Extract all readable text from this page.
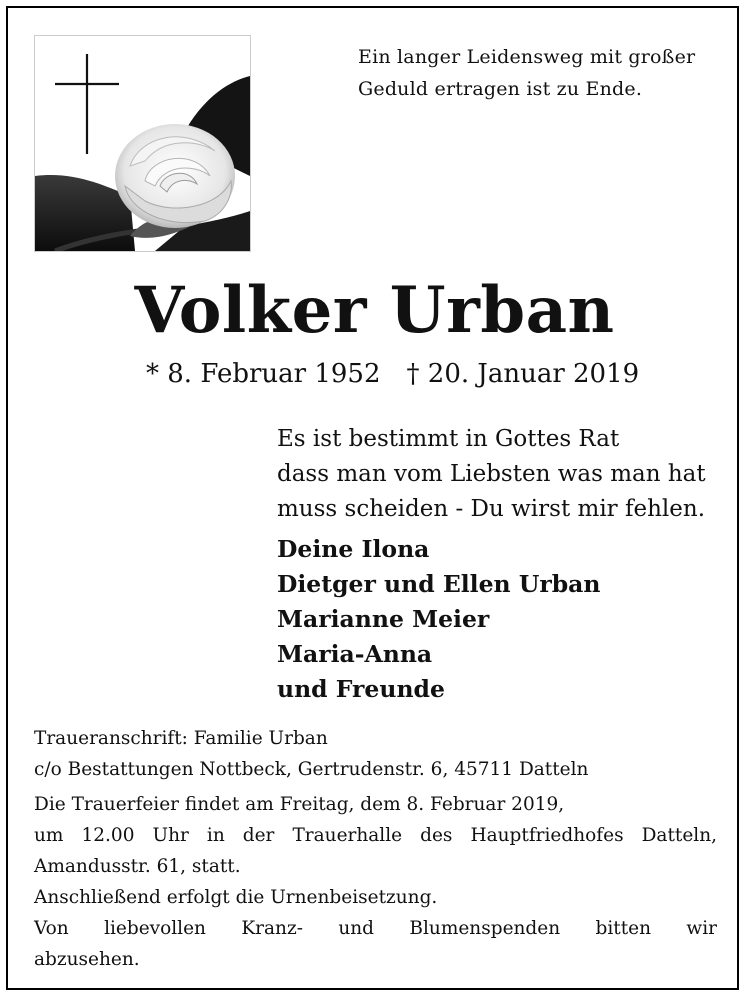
Ein langer Leidensweg mit großer
Geduld ertragen ist zu Ende.
Volker Urban
* 8. Februar 1952 † 20. Januar 2019
Es ist bestimmt in Gottes Rat
dass man vom Liebsten was man hat
muss scheiden - Du wirst mir fehlen.
Deine Ilona
Dietger und Ellen Urban
Marianne Meier
Maria-Anna
und Freunde
Traueranschrift: Familie Urban
c/o Bestattungen Nottbeck, Gertrudenstr. 6, 45711 Datteln
Die Trauerfeier findet am Freitag, dem 8. Februar 2019,
um 12.00 Uhr in der Trauerhalle des Hauptfriedhofes Datteln,
Amandusstr. 61, statt.
Anschließend erfolgt die Urnenbeisetzung.
Von liebevollen Kranz- und Blumenspenden bitten wir
abzusehen.
